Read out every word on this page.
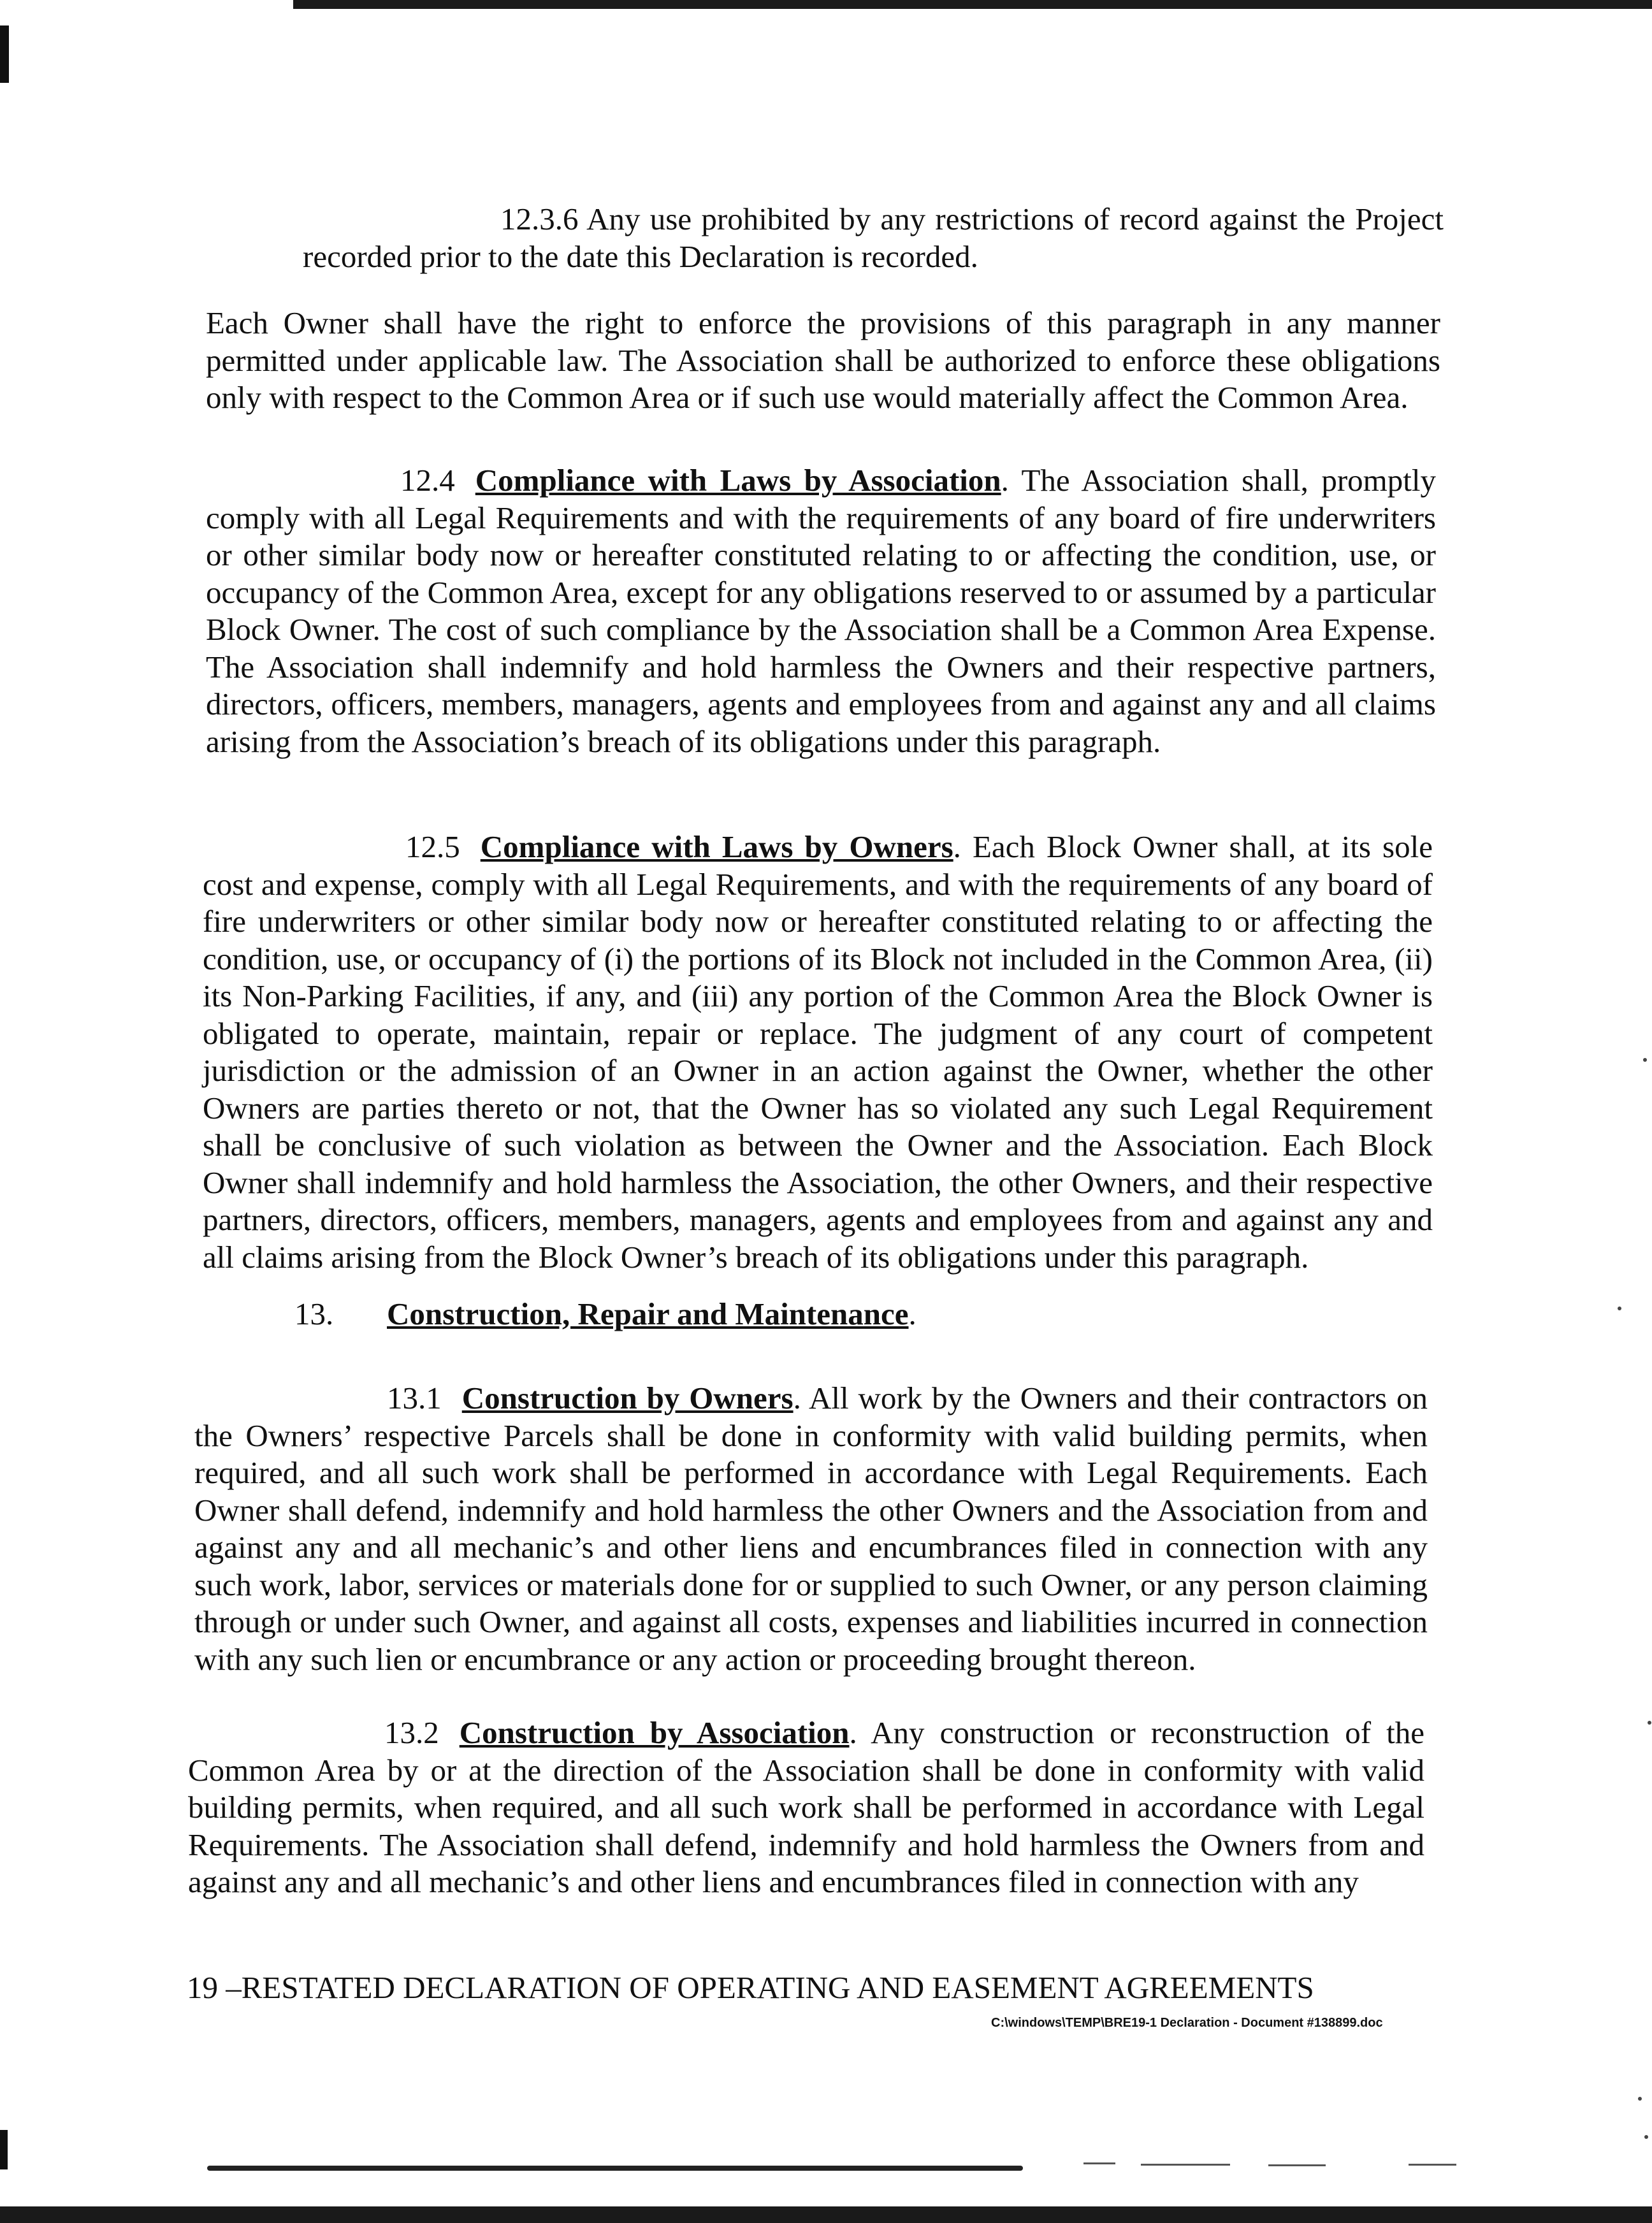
12.3.6 Any use prohibited by any restrictions of record against the Project recorded prior to the date this Declaration is recorded.

Each Owner shall have the right to enforce the provisions of this paragraph in any manner permitted under applicable law. The Association shall be authorized to enforce these obligations only with respect to the Common Area or if such use would materially affect the Common Area.

12.4 Compliance with Laws by Association. The Association shall, promptly comply with all Legal Requirements and with the requirements of any board of fire underwriters or other similar body now or hereafter constituted relating to or affecting the condition, use, or occupancy of the Common Area, except for any obligations reserved to or assumed by a particular Block Owner. The cost of such compliance by the Association shall be a Common Area Expense. The Association shall indemnify and hold harmless the Owners and their respective partners, directors, officers, members, managers, agents and employees from and against any and all claims arising from the Association’s breach of its obligations under this paragraph.

12.5 Compliance with Laws by Owners. Each Block Owner shall, at its sole cost and expense, comply with all Legal Requirements, and with the requirements of any board of fire underwriters or other similar body now or hereafter constituted relating to or affecting the condition, use, or occupancy of (i) the portions of its Block not included in the Common Area, (ii) its Non-Parking Facilities, if any, and (iii) any portion of the Common Area the Block Owner is obligated to operate, maintain, repair or replace. The judgment of any court of competent jurisdiction or the admission of an Owner in an action against the Owner, whether the other Owners are parties thereto or not, that the Owner has so violated any such Legal Requirement shall be conclusive of such violation as between the Owner and the Association. Each Block Owner shall indemnify and hold harmless the Association, the other Owners, and their respective partners, directors, officers, members, managers, agents and employees from and against any and all claims arising from the Block Owner’s breach of its obligations under this paragraph.

13. Construction, Repair and Maintenance.

13.1 Construction by Owners. All work by the Owners and their contractors on the Owners’ respective Parcels shall be done in conformity with valid building permits, when required, and all such work shall be performed in accordance with Legal Requirements. Each Owner shall defend, indemnify and hold harmless the other Owners and the Association from and against any and all mechanic’s and other liens and encumbrances filed in connection with any such work, labor, services or materials done for or supplied to such Owner, or any person claiming through or under such Owner, and against all costs, expenses and liabilities incurred in connection with any such lien or encumbrance or any action or proceeding brought thereon.

13.2 Construction by Association. Any construction or reconstruction of the Common Area by or at the direction of the Association shall be done in conformity with valid building permits, when required, and all such work shall be performed in accordance with Legal Requirements. The Association shall defend, indemnify and hold harmless the Owners from and against any and all mechanic’s and other liens and encumbrances filed in connection with any

19 –RESTATED DECLARATION OF OPERATING AND EASEMENT AGREEMENTS

C:\windows\TEMP\BRE19-1 Declaration - Document #138899.doc
